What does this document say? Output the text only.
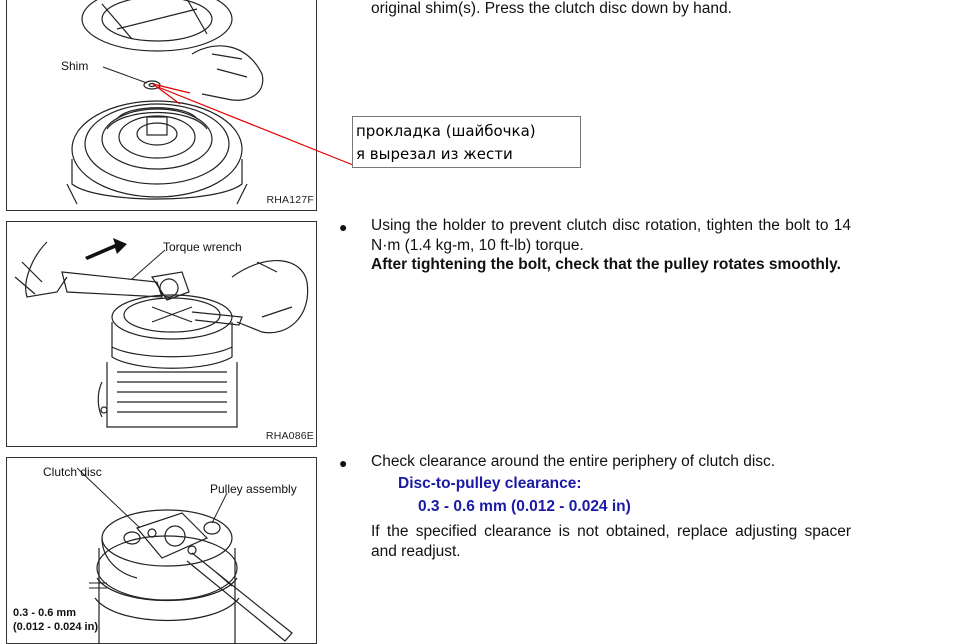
Shim
RHA127F
прокладка (шайбочка)
я вырезал из жести
original shim(s). Press the clutch disc down by hand.
Torque wrench
RHA086E
● Using the holder to prevent clutch disc rotation, tighten the bolt to 14 N·m (1.4 kg-m, 10 ft-lb) torque.
After tightening the bolt, check that the pulley rotates smoothly.
Clutch disc
Pulley assembly
0.3 - 0.6 mm
(0.012 - 0.024 in)
● Check clearance around the entire periphery of clutch disc.
Disc-to-pulley clearance:
0.3 - 0.6 mm (0.012 - 0.024 in)
If the specified clearance is not obtained, replace adjusting spacer and readjust.
